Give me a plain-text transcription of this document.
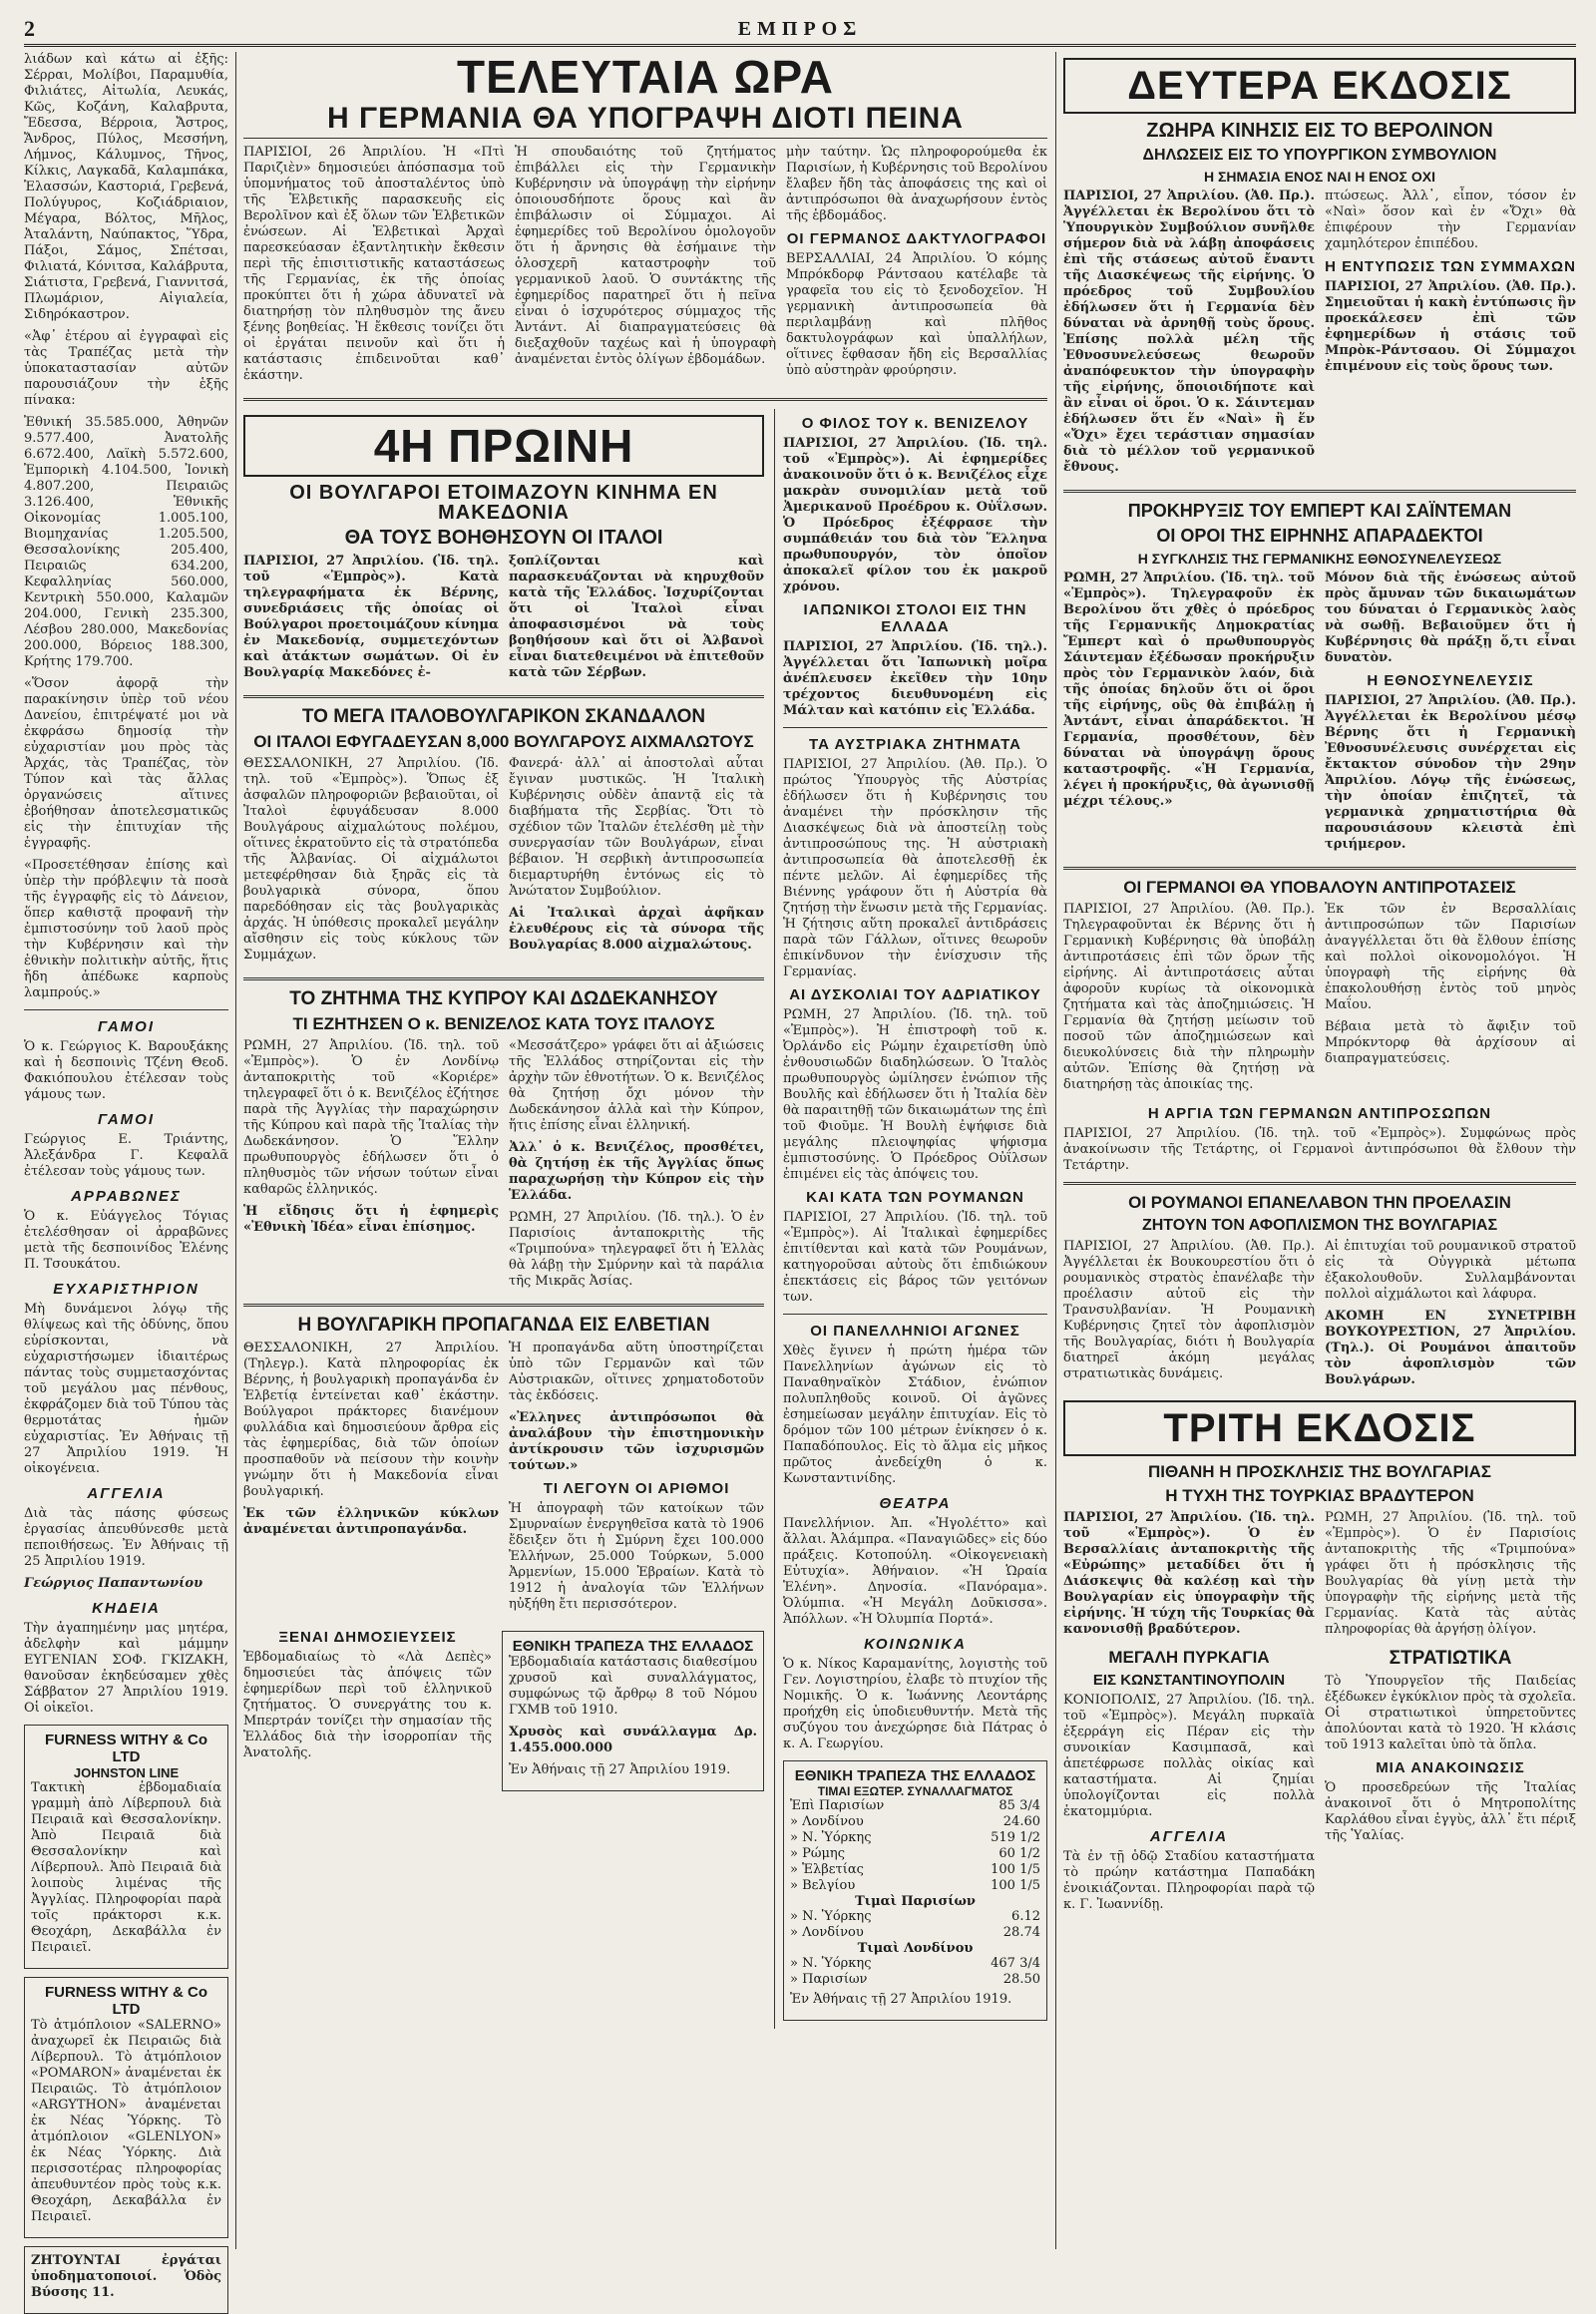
2	ΕΜΠΡΟΣ

λιάδων καὶ κάτω αἱ ἐξῆς: Σέρραι, Μολίβοι, Παραμυθία, Φιλιάτες, Αἰτωλία, Λευκάς, Κῶς, Κοζάνη, Καλαβρυτα, Ἔδεσσα, Βέρροια, Ἄστρος, Ἄνδρος, Πύλος, Μεσσήνη, Λήμνος, Κάλυμνος, Τῆνος, Κίλκις, Λαγκαδᾶ, Καλαμπάκα, Ἐλασσών, Καστοριά, Γρεβενά, Πολύγυρος, Κοζιάδριαιον, Μέγαρα, Βόλτος, Μῆλος, Ἀταλάντη, Ναύπακτος, Ὕδρα, Πάξοι, Σάμος, Σπέτσαι, Φιλιατά, Κόνιτσα, Καλάβρυτα, Σιάτιστα, Γρεβενά, Γιαννιτσά, Πλωμάριον, Αἰγιαλεία, Σιδηρόκαστρον.

«Ἀφ᾽ ἑτέρου αἱ ἐγγραφαὶ εἰς τὰς Τραπέζας μετὰ τὴν ὑποκαταστασίαν αὐτῶν παρουσιάζουν τὴν ἑξῆς πίνακα:

Ἐθνική 35.585.000, Ἀθηνῶν 9.577.400, Ἀνατολῆς 6.672.400, Λαϊκὴ 5.572.600, Ἐμπορικὴ 4.104.500, Ἰονικὴ 4.807.200, Πειραιῶς 3.126.400, Ἐθνικῆς Οἰκονομίας 1.005.100, Βιομηχανίας 1.205.500, Θεσσαλονίκης 205.400, Πειραιῶς 634.200, Κεφαλληνίας 560.000, Κεντρικὴ 550.000, Καλαμῶν 204.000, Γενικὴ 235.300, Λέσβου 280.000, Μακεδονίας 200.000, Βόρειος 188.300, Κρήτης 179.700.

«Ὅσον ἀφορᾷ τὴν παρακίνησιν ὑπὲρ τοῦ νέου Δανείου, ἐπιτρέψατέ μοι νὰ ἐκφράσω δημοσίᾳ τὴν εὐχαριστίαν μου πρὸς τὰς Ἀρχάς, τὰς Τραπέζας, τὸν Τύπον καὶ τὰς ἄλλας ὀργανώσεις αἵτινες ἐβοήθησαν ἀποτελεσματικῶς εἰς τὴν ἐπιτυχίαν τῆς ἐγγραφῆς.

«Προσετέθησαν ἐπίσης καὶ ὑπὲρ τὴν πρόβλεψιν τὰ ποσὰ τῆς ἐγγραφῆς εἰς τὸ Δάνειον, ὅπερ καθιστᾷ προφανῆ τὴν ἐμπιστοσύνην τοῦ λαοῦ πρὸς τὴν Κυβέρνησιν καὶ τὴν ἐθνικὴν πολιτικὴν αὐτῆς, ἥτις ἤδη ἀπέδωκε καρποὺς λαμπρούς.»

ΓΑΜΟΙ

Ὁ κ. Γεώργιος Κ. Βαρουξάκης καὶ ἡ δεσποινὶς Τζένη Θεοδ. Φακιόπουλου ἐτέλεσαν τοὺς γάμους των.

ΓΑΜΟΙ

Γεώργιος Ε. Τριάντης, Ἀλεξάνδρα Γ. Κεφαλᾶ ἐτέλεσαν τοὺς γάμους των.

ΑΡΡΑΒΩΝΕΣ

Ὁ κ. Εὐάγγελος Τόγιας ἐτελέσθησαν οἱ ἀρραβῶνες μετὰ τῆς δεσποινίδος Ἑλένης Π. Τσουκάτου.

ΕΥΧΑΡΙΣΤΗΡΙΟΝ

Μὴ δυνάμενοι λόγῳ τῆς θλίψεως καὶ τῆς ὀδύνης, ὅπου εὑρίσκονται, νὰ εὐχαριστήσωμεν ἰδιαιτέρως πάντας τοὺς συμμετασχόντας τοῦ μεγάλου μας πένθους, ἐκφράζομεν διὰ τοῦ Τύπου τὰς θερμοτάτας ἡμῶν εὐχαριστίας. Ἐν Ἀθήναις τῇ 27 Ἀπριλίου 1919. Ἡ οἰκογένεια.

ΑΓΓΕΛΙΑ

Διὰ τὰς πάσης φύσεως ἐργασίας ἀπευθύνεσθε μετὰ πεποιθήσεως. Ἐν Ἀθήναις τῇ 25 Ἀπριλίου 1919.

Γεώργιος Παπαντωνίου

ΚΗΔΕΙΑ

Τὴν ἀγαπημένην μας μητέρα, ἀδελφὴν καὶ μάμμην ΕΥΓΕΝΙΑΝ ΣΟΦ. ΓΚΙΖΑΚΗ, θανοῦσαν ἐκηδεύσαμεν χθὲς Σάββατον 27 Ἀπριλίου 1919. Οἱ οἰκεῖοι.

FURNESS WITHY & Co LTD
JOHNSTON LINE

Τακτικὴ ἑβδομαδιαία γραμμὴ ἀπὸ Λίβερπουλ διὰ Πειραιᾶ καὶ Θεσσαλονίκην. Ἀπὸ Πειραιᾶ διὰ Θεσσαλονίκην καὶ Λίβερπουλ. Ἀπὸ Πειραιᾶ διὰ λοιποὺς λιμένας τῆς Ἀγγλίας. Πληροφορίαι παρὰ τοῖς πράκτορσι κ.κ. Θεοχάρη, Δεκαβάλλα ἐν Πειραιεῖ.

FURNESS WITHY & Co LTD

Τὸ ἀτμόπλοιον «SALERNO» ἀναχωρεῖ ἐκ Πειραιῶς διὰ Λίβερπουλ. Τὸ ἀτμόπλοιον «POMARON» ἀναμένεται ἐκ Πειραιῶς. Τὸ ἀτμόπλοιον «ARGYTHON» ἀναμένεται ἐκ Νέας Ὑόρκης. Τὸ ἀτμόπλοιον «GLENLYON» ἐκ Νέας Ὑόρκης. Διὰ περισσοτέρας πληροφορίας ἀπευθυντέον πρὸς τοὺς κ.κ. Θεοχάρη, Δεκαβάλλα ἐν Πειραιεῖ.

ΖΗΤΟΥΝΤΑΙ ἐργάται ὑποδηματοποιοί. Ὁδὸς Βύσσης 11.

ΤΕΛΕΥΤΑΙΑ ΩΡΑ
Η ΓΕΡΜΑΝΙΑ ΘΑ ΥΠΟΓΡΑΨΗ ΔΙΟΤΙ ΠΕΙΝΑ

ΠΑΡΙΣΙΟΙ, 26 Ἀπριλίου. Ἡ «Πτὶ Παριζιὲν» δημοσιεύει ἀπόσπασμα τοῦ ὑπομνήματος τοῦ ἀποσταλέντος ὑπὸ τῆς Ἑλβετικῆς παρασκευῆς εἰς Βερολῖνον καὶ ἐξ ὅλων τῶν Ἑλβετικῶν ἐνώσεων. Αἱ Ἑλβετικαὶ Ἀρχαὶ παρεσκεύασαν ἐξαντλητικὴν ἔκθεσιν περὶ τῆς ἐπισιτιστικῆς καταστάσεως τῆς Γερμανίας, ἐκ τῆς ὁποίας προκύπτει ὅτι ἡ χώρα ἀδυνατεῖ νὰ διατηρήσῃ τὸν πληθυσμὸν της ἄνευ ξένης βοηθείας. Ἡ ἔκθεσις τονίζει ὅτι οἱ ἐργάται πεινοῦν καὶ ὅτι ἡ κατάστασις ἐπιδεινοῦται καθ᾽ ἑκάστην.

Ἡ σπουδαιότης τοῦ ζητήματος ἐπιβάλλει εἰς τὴν Γερμανικὴν Κυβέρνησιν νὰ ὑπογράψῃ τὴν εἰρήνην ὁποιουσδήποτε ὅρους καὶ ἂν ἐπιβάλωσιν οἱ Σύμμαχοι. Αἱ ἐφημερίδες τοῦ Βερολίνου ὁμολογοῦν ὅτι ἡ ἄρνησις θὰ ἐσήμαινε τὴν ὁλοσχερῆ καταστροφὴν τοῦ γερμανικοῦ λαοῦ. Ὁ συντάκτης τῆς ἐφημερίδος παρατηρεῖ ὅτι ἡ πεῖνα εἶναι ὁ ἰσχυρότερος σύμμαχος τῆς Ἀντάντ. Αἱ διαπραγματεύσεις θὰ διεξαχθοῦν ταχέως καὶ ἡ ὑπογραφὴ ἀναμένεται ἐντὸς ὀλίγων ἑβδομάδων.

μὴν ταύτην. Ὡς πληροφορούμεθα ἐκ Παρισίων, ἡ Κυβέρνησις τοῦ Βερολίνου ἔλαβεν ἤδη τὰς ἀποφάσεις της καὶ οἱ ἀντιπρόσωποι θὰ ἀναχωρήσουν ἐντὸς τῆς ἑβδομάδος.

ΟΙ ΓΕΡΜΑΝΟΣ ΔΑΚΤΥΛΟΓΡΑΦΟΙ

ΒΕΡΣΑΛΛΙΑΙ, 24 Ἀπριλίου. Ὁ κόμης Μπρόκδορφ Ράντσαου κατέλαβε τὰ γραφεῖα του εἰς τὸ ξενοδοχεῖον. Ἡ γερμανικὴ ἀντιπροσωπεία θὰ περιλαμβάνῃ καὶ πλῆθος δακτυλογράφων καὶ ὑπαλλήλων, οἵτινες ἔφθασαν ἤδη εἰς Βερσαλλίας ὑπὸ αὐστηρὰν φρούρησιν.

4Η ΠΡΩΙΝΗ
ΟΙ ΒΟΥΛΓΑΡΟΙ ΕΤΟΙΜΑΖΟΥΝ ΚΙΝΗΜΑ ΕΝ ΜΑΚΕΔΟΝΙΑ
ΘΑ ΤΟΥΣ ΒΟΗΘΗΣΟΥΝ ΟΙ ΙΤΑΛΟΙ

ΠΑΡΙΣΙΟΙ, 27 Ἀπριλίου. (Ἰδ. τηλ. τοῦ «Ἐμπρὸς»). Κατὰ τηλεγραφήματα ἐκ Βέρνης, συνεδριάσεις τῆς ὁποίας οἱ Βούλγαροι προετοιμάζουν κίνημα ἐν Μακεδονίᾳ, συμμετεχόντων καὶ ἀτάκτων σωμάτων. Οἱ ἐν Βουλγαρίᾳ Μακεδόνες ἐ-

ξοπλίζονται καὶ παρασκευάζονται νὰ κηρυχθοῦν κατὰ τῆς Ἑλλάδος. Ἰσχυρίζονται ὅτι οἱ Ἰταλοὶ εἶναι ἀποφασισμένοι νὰ τοὺς βοηθήσουν καὶ ὅτι οἱ Ἀλβανοὶ εἶναι διατεθειμένοι νὰ ἐπιτεθοῦν κατὰ τῶν Σέρβων.

ΤΟ ΜΕΓΑ ΙΤΑΛΟΒΟΥΛΓΑΡΙΚΟΝ ΣΚΑΝΔΑΛΟΝ
ΟΙ ΙΤΑΛΟΙ ΕΦΥΓΑΔΕΥΣΑΝ 8,000 ΒΟΥΛΓΑΡΟΥΣ ΑΙΧΜΑΛΩΤΟΥΣ

ΘΕΣΣΑΛΟΝΙΚΗ, 27 Ἀπριλίου. (Ἰδ. τηλ. τοῦ «Ἐμπρὸς»). Ὅπως ἐξ ἀσφαλῶν πληροφοριῶν βεβαιοῦται, οἱ Ἰταλοὶ ἐφυγάδευσαν 8.000 Βουλγάρους αἰχμαλώτους πολέμου, οἵτινες ἐκρατοῦντο εἰς τὰ στρατόπεδα τῆς Ἀλβανίας. Οἱ αἰχμάλωτοι μετεφέρθησαν διὰ ξηρᾶς εἰς τὰ βουλγαρικὰ σύνορα, ὅπου παρεδόθησαν εἰς τὰς βουλγαρικὰς ἀρχάς. Ἡ ὑπόθεσις προκαλεῖ μεγάλην αἴσθησιν εἰς τοὺς κύκλους τῶν Συμμάχων.

Φανερά· ἀλλ᾽ αἱ ἀποστολαὶ αὗται ἔγιναν μυστικῶς. Ἡ Ἰταλικὴ Κυβέρνησις οὐδὲν ἀπαντᾷ εἰς τὰ διαβήματα τῆς Σερβίας. Ὅτι τὸ σχέδιον τῶν Ἰταλῶν ἐτελέσθη μὲ τὴν συνεργασίαν τῶν Βουλγάρων, εἶναι βέβαιον. Ἡ σερβικὴ ἀντιπροσωπεία διεμαρτυρήθη ἐντόνως εἰς τὸ Ἀνώτατον Συμβούλιον.

Αἱ Ἰταλικαὶ ἀρχαὶ ἀφῆκαν ἐλευθέρους εἰς τὰ σύνορα τῆς Βουλγαρίας 8.000 αἰχμαλώτους.

ΤΟ ΖΗΤΗΜΑ ΤΗΣ ΚΥΠΡΟΥ ΚΑΙ ΔΩΔΕΚΑΝΗΣΟΥ
ΤΙ ΕΖΗΤΗΣΕΝ Ο κ. ΒΕΝΙΖΕΛΟΣ ΚΑΤΑ ΤΟΥΣ ΙΤΑΛΟΥΣ

ΡΩΜΗ, 27 Ἀπριλίου. (Ἰδ. τηλ. τοῦ «Ἐμπρὸς»). Ὁ ἐν Λονδίνῳ ἀνταποκριτὴς τοῦ «Κοριέρε» τηλεγραφεῖ ὅτι ὁ κ. Βενιζέλος ἐζήτησε παρὰ τῆς Ἀγγλίας τὴν παραχώρησιν τῆς Κύπρου καὶ παρὰ τῆς Ἰταλίας τὴν Δωδεκάνησον. Ὁ Ἕλλην πρωθυπουργὸς ἐδήλωσεν ὅτι ὁ πληθυσμὸς τῶν νήσων τούτων εἶναι καθαρῶς ἑλληνικός.

Ἡ εἴδησις ὅτι ἡ ἐφημερὶς «Ἐθνικὴ Ἰδέα» εἶναι ἐπίσημος.

«Μεσσάτζερο» γράφει ὅτι αἱ ἀξιώσεις τῆς Ἑλλάδος στηρίζονται εἰς τὴν ἀρχὴν τῶν ἐθνοτήτων. Ὁ κ. Βενιζέλος θὰ ζητήσῃ ὄχι μόνον τὴν Δωδεκάνησον ἀλλὰ καὶ τὴν Κύπρον, ἥτις ἐπίσης εἶναι ἑλληνική.

Ἀλλ᾽ ὁ κ. Βενιζέλος, προσθέτει, θὰ ζητήσῃ ἐκ τῆς Ἀγγλίας ὅπως παραχωρήσῃ τὴν Κύπρον εἰς τὴν Ἑλλάδα.

ΡΩΜΗ, 27 Ἀπριλίου. (Ἰδ. τηλ.). Ὁ ἐν Παρισίοις ἀνταποκριτὴς τῆς «Τριμπούνα» τηλεγραφεῖ ὅτι ἡ Ἑλλὰς θὰ λάβῃ τὴν Σμύρνην καὶ τὰ παράλια τῆς Μικρᾶς Ἀσίας.

Η ΒΟΥΛΓΑΡΙΚΗ ΠΡΟΠΑΓΑΝΔΑ ΕΙΣ ΕΛΒΕΤΙΑΝ

ΘΕΣΣΑΛΟΝΙΚΗ, 27 Ἀπριλίου. (Τηλεγρ.). Κατὰ πληροφορίας ἐκ Βέρνης, ἡ βουλγαρικὴ προπαγάνδα ἐν Ἑλβετίᾳ ἐντείνεται καθ᾽ ἑκάστην. Βούλγαροι πράκτορες διανέμουν φυλλάδια καὶ δημοσιεύουν ἄρθρα εἰς τὰς ἐφημερίδας, διὰ τῶν ὁποίων προσπαθοῦν νὰ πείσουν τὴν κοινὴν γνώμην ὅτι ἡ Μακεδονία εἶναι βουλγαρική.

Ἐκ τῶν ἑλληνικῶν κύκλων ἀναμένεται ἀντιπροπαγάνδα.

Ἡ προπαγάνδα αὕτη ὑποστηρίζεται ὑπὸ τῶν Γερμανῶν καὶ τῶν Αὐστριακῶν, οἵτινες χρηματοδοτοῦν τὰς ἐκδόσεις.

«Ἐλληνες ἀντιπρόσωποι θὰ ἀναλάβουν τὴν ἐπιστημονικὴν ἀντίκρουσιν τῶν ἰσχυρισμῶν τούτων.»

ΤΙ ΛΕΓΟΥΝ ΟΙ ΑΡΙΘΜΟΙ

Ἡ ἀπογραφὴ τῶν κατοίκων τῶν Σμυρναίων ἐνεργηθεῖσα κατὰ τὸ 1906 ἔδειξεν ὅτι ἡ Σμύρνη ἔχει 100.000 Ἑλλήνων, 25.000 Τούρκων, 5.000 Ἀρμενίων, 15.000 Ἑβραίων. Κατὰ τὸ 1912 ἡ ἀναλογία τῶν Ἑλλήνων ηὐξήθη ἔτι περισσότερον.

ΞΕΝΑΙ ΔΗΜΟΣΙΕΥΣΕΙΣ

Ἑβδομαδιαίως τὸ «Λὰ Δεπὲς» δημοσιεύει τὰς ἀπόψεις τῶν ἐφημερίδων περὶ τοῦ ἑλληνικοῦ ζητήματος. Ὁ συνεργάτης του κ. Μπερτράν τονίζει τὴν σημασίαν τῆς Ἑλλάδος διὰ τὴν ἰσορροπίαν τῆς Ἀνατολῆς.

ΕΘΝΙΚΗ ΤΡΑΠΕΖΑ ΤΗΣ ΕΛΛΑΔΟΣ

Ἑβδομαδιαία κατάστασις διαθεσίμου χρυσοῦ καὶ συναλλάγματος, συμφώνως τῷ ἄρθρῳ 8 τοῦ Νόμου ΓΧΜΒ τοῦ 1910.

Χρυσὸς καὶ συνάλλαγμα Δρ. 1.455.000.000

Ἐν Ἀθήναις τῇ 27 Ἀπριλίου 1919.

Ο ΦΙΛΟΣ ΤΟΥ κ. ΒΕΝΙΖΕΛΟΥ

ΠΑΡΙΣΙΟΙ, 27 Ἀπριλίου. (Ἰδ. τηλ. τοῦ «Ἐμπρὸς»). Αἱ ἐφημερίδες ἀνακοινοῦν ὅτι ὁ κ. Βενιζέλος εἶχε μακρὰν συνομιλίαν μετὰ τοῦ Ἀμερικανοῦ Προέδρου κ. Οὐΐλσων. Ὁ Πρόεδρος ἐξέφρασε τὴν συμπάθειάν του διὰ τὸν Ἕλληνα πρωθυπουργόν, τὸν ὁποῖον ἀποκαλεῖ φίλον του ἐκ μακροῦ χρόνου.

ΙΑΠΩΝΙΚΟΙ ΣΤΟΛΟΙ ΕΙΣ ΤΗΝ ΕΛΛΑΔΑ

ΠΑΡΙΣΙΟΙ, 27 Ἀπριλίου. (Ἰδ. τηλ.). Ἀγγέλλεται ὅτι Ἰαπωνικὴ μοῖρα ἀνέπλευσεν ἐκεῖθεν τὴν 10ην τρέχοντος διευθυνομένη εἰς Μάλταν καὶ κατόπιν εἰς Ἑλλάδα.

ΤΑ ΑΥΣΤΡΙΑΚΑ ΖΗΤΗΜΑΤΑ

ΠΑΡΙΣΙΟΙ, 27 Ἀπριλίου. (Ἀθ. Πρ.). Ὁ πρώτος Ὑπουργὸς τῆς Αὐστρίας ἐδήλωσεν ὅτι ἡ Κυβέρνησις του ἀναμένει τὴν πρόσκλησιν τῆς Διασκέψεως διὰ νὰ ἀποστείλῃ τοὺς ἀντιπροσώπους της. Ἡ αὐστριακὴ ἀντιπροσωπεία θὰ ἀποτελεσθῇ ἐκ πέντε μελῶν. Αἱ ἐφημερίδες τῆς Βιέννης γράφουν ὅτι ἡ Αὐστρία θὰ ζητήσῃ τὴν ἕνωσιν μετὰ τῆς Γερμανίας. Ἡ ζήτησις αὕτη προκαλεῖ ἀντιδράσεις παρὰ τῶν Γάλλων, οἵτινες θεωροῦν ἐπικίνδυνον τὴν ἐνίσχυσιν τῆς Γερμανίας.

ΑΙ ΔΥΣΚΟΛΙΑΙ ΤΟΥ ΑΔΡΙΑΤΙΚΟΥ

ΡΩΜΗ, 27 Ἀπριλίου. (Ἰδ. τηλ. τοῦ «Ἐμπρὸς»). Ἡ ἐπιστροφὴ τοῦ κ. Ὀρλάνδο εἰς Ρώμην ἐχαιρετίσθη ὑπὸ ἐνθουσιωδῶν διαδηλώσεων. Ὁ Ἰταλὸς πρωθυπουργὸς ὡμίλησεν ἐνώπιον τῆς Βουλῆς καὶ ἐδήλωσεν ὅτι ἡ Ἰταλία δὲν θὰ παραιτηθῇ τῶν δικαιωμάτων της ἐπὶ τοῦ Φιοῦμε. Ἡ Βουλὴ ἐψήφισε διὰ μεγάλης πλειοψηφίας ψήφισμα ἐμπιστοσύνης. Ὁ Πρόεδρος Οὐΐλσων ἐπιμένει εἰς τὰς ἀπόψεις του.

ΚΑΙ ΚΑΤΑ ΤΩΝ ΡΟΥΜΑΝΩΝ

ΠΑΡΙΣΙΟΙ, 27 Ἀπριλίου. (Ἰδ. τηλ. τοῦ «Ἐμπρὸς»). Αἱ Ἰταλικαὶ ἐφημερίδες ἐπιτίθενται καὶ κατὰ τῶν Ρουμάνων, κατηγοροῦσαι αὐτοὺς ὅτι ἐπιδιώκουν ἐπεκτάσεις εἰς βάρος τῶν γειτόνων των.

ΟΙ ΠΑΝΕΛΛΗΝΙΟΙ ΑΓΩΝΕΣ

Χθὲς ἔγινεν ἡ πρώτη ἡμέρα τῶν Πανελληνίων ἀγώνων εἰς τὸ Παναθηναϊκὸν Στάδιον, ἐνώπιον πολυπληθοῦς κοινοῦ. Οἱ ἀγῶνες ἐσημείωσαν μεγάλην ἐπιτυχίαν. Εἰς τὸ δρόμον τῶν 100 μέτρων ἐνίκησεν ὁ κ. Παπαδόπουλος. Εἰς τὸ ἅλμα εἰς μῆκος πρῶτος ἀνεδείχθη ὁ κ. Κωνσταντινίδης.

ΘΕΑΤΡΑ

Πανελλήνιον. Ἀπ. «Ἠγολέττο» καὶ ἄλλαι. Ἀλάμπρα. «Παναγιῶδες» εἰς δύο πράξεις. Κοτοπούλη. «Οἰκογενειακὴ Εὐτυχία». Ἀθήναιον. «Ἡ Ὡραία Ἑλένη». Δηνοσία. «Πανόραμα». Ὀλύμπια. «Ἡ Μεγάλη Δοῦκισσα». Ἀπόλλων. «Ἡ Ὀλυμπία Πορτά».

ΚΟΙΝΩΝΙΚΑ

Ὁ κ. Νίκος Καραμανίτης, λογιστὴς τοῦ Γεν. Λογιστηρίου, ἐλαβε τὸ πτυχίον τῆς Νομικῆς. Ὁ κ. Ἰωάννης Λεοντάρης προήχθη εἰς ὑποδιευθυντήν. Μετὰ τῆς συζύγου του ἀνεχώρησε διὰ Πάτρας ὁ κ. Α. Γεωργίου.

ΕΘΝΙΚΗ ΤΡΑΠΕΖΑ ΤΗΣ ΕΛΛΑΔΟΣ
ΤΙΜΑΙ ΕΞΩΤΕΡ. ΣΥΝΑΛΛΑΓΜΑΤΟΣ
Ἐπὶ Παρισίων	85 3/4
» Λονδίνου	24.60
» Ν. Ὑόρκης	519 1/2
» Ρώμης	60 1/2
» Ἑλβετίας	100 1/5
» Βελγίου	100 1/5
Τιμαὶ Παρισίων
» Ν. Ὑόρκης	6.12
» Λονδίνου	28.74
Τιμαὶ Λονδίνου
» Ν. Ὑόρκης	467 3/4
» Παρισίων	28.50

Ἐν Ἀθήναις τῇ 27 Ἀπριλίου 1919.

ΔΕΥΤΕΡΑ ΕΚΔΟΣΙΣ
ΖΩΗΡΑ ΚΙΝΗΣΙΣ ΕΙΣ ΤΟ ΒΕΡΟΛΙΝΟΝ
ΔΗΛΩΣΕΙΣ ΕΙΣ ΤΟ ΥΠΟΥΡΓΙΚΟΝ ΣΥΜΒΟΥΛΙΟΝ
Η ΣΗΜΑΣΙΑ ΕΝΟΣ ΝΑΙ Η ΕΝΟΣ ΟΧΙ

ΠΑΡΙΣΙΟΙ, 27 Ἀπριλίου. (Ἀθ. Πρ.). Ἀγγέλλεται ἐκ Βερολίνου ὅτι τὸ Ὑπουργικὸν Συμβούλιον συνῆλθε σήμερον διὰ νὰ λάβῃ ἀποφάσεις ἐπὶ τῆς στάσεως αὐτοῦ ἔναντι τῆς Διασκέψεως τῆς εἰρήνης. Ὁ πρόεδρος τοῦ Συμβουλίου ἐδήλωσεν ὅτι ἡ Γερμανία δὲν δύναται νὰ ἀρνηθῇ τοὺς ὅρους. Ἐπίσης πολλὰ μέλη τῆς Ἐθνοσυνελεύσεως θεωροῦν ἀναπόφευκτον τὴν ὑπογραφὴν τῆς εἰρήνης, ὅποιοιδήποτε καὶ ἂν εἶναι οἱ ὅροι. Ὁ κ. Σάιντεμαν ἐδήλωσεν ὅτι ἕν «Ναὶ» ἢ ἕν «Ὄχι» ἔχει τεράστιαν σημασίαν διὰ τὸ μέλλον τοῦ γερμανικοῦ ἔθνους.

πτώσεως. Ἀλλ᾽, εἶπον, τόσον ἐν «Ναὶ» ὅσον καὶ ἐν «Ὄχι» θὰ ἐπιφέρουν τὴν Γερμανίαν χαμηλότερον ἐπιπέδου.

Η ΕΝΤΥΠΩΣΙΣ ΤΩΝ ΣΥΜΜΑΧΩΝ

ΠΑΡΙΣΙΟΙ, 27 Ἀπριλίου. (Ἀθ. Πρ.). Σημειοῦται ἡ κακὴ ἐντύπωσις ἣν προεκάλεσεν ἐπὶ τῶν ἐφημερίδων ἡ στάσις τοῦ Μπρὸκ-Ράντσαου. Οἱ Σύμμαχοι ἐπιμένουν εἰς τοὺς ὅρους των.

ΠΡΟΚΗΡΥΞΙΣ ΤΟΥ ΕΜΠΕΡΤ ΚΑΙ ΣΑΪΝΤΕΜΑΝ
ΟΙ ΟΡΟΙ ΤΗΣ ΕΙΡΗΝΗΣ ΑΠΑΡΑΔΕΚΤΟΙ
Η ΣΥΓΚΛΗΣΙΣ ΤΗΣ ΓΕΡΜΑΝΙΚΗΣ ΕΘΝΟΣΥΝΕΛΕΥΣΕΩΣ

ΡΩΜΗ, 27 Ἀπριλίου. (Ἰδ. τηλ. τοῦ «Ἐμπρὸς»). Τηλεγραφοῦν ἐκ Βερολίνου ὅτι χθὲς ὁ πρόεδρος τῆς Γερμανικῆς Δημοκρατίας Ἔμπερτ καὶ ὁ πρωθυπουργὸς Σάιντεμαν ἐξέδωσαν προκήρυξιν πρὸς τὸν Γερμανικὸν λαόν, διὰ τῆς ὁποίας δηλοῦν ὅτι οἱ ὅροι τῆς εἰρήνης, οὓς θὰ ἐπιβάλῃ ἡ Ἀντάντ, εἶναι ἀπαράδεκτοι. Ἡ Γερμανία, προσθέτουν, δὲν δύναται νὰ ὑπογράψῃ ὅρους καταστροφῆς. «Ἡ Γερμανία, λέγει ἡ προκήρυξις, θὰ ἀγωνισθῇ μέχρι τέλους.»

Μόνον διὰ τῆς ἐνώσεως αὐτοῦ πρὸς ἄμυναν τῶν δικαιωμάτων του δύναται ὁ Γερμανικὸς λαὸς νὰ σωθῇ. Βεβαιοῦμεν ὅτι ἡ Κυβέρνησις θὰ πράξῃ ὅ,τι εἶναι δυνατὸν.

Η ΕΘΝΟΣΥΝΕΛΕΥΣΙΣ

ΠΑΡΙΣΙΟΙ, 27 Ἀπριλίου. (Ἀθ. Πρ.). Ἀγγέλλεται ἐκ Βερολίνου μέσῳ Βέρνης ὅτι ἡ Γερμανικὴ Ἐθνοσυνέλευσις συνέρχεται εἰς ἔκτακτον σύνοδον τὴν 29ην Ἀπριλίου. Λόγῳ τῆς ἐνώσεως, τὴν ὁποίαν ἐπιζητεῖ, τὰ γερμανικὰ χρηματιστήρια θὰ παρουσιάσουν κλειστὰ ἐπὶ τριήμερον.

ΟΙ ΓΕΡΜΑΝΟΙ ΘΑ ΥΠΟΒΑΛΟΥΝ ΑΝΤΙΠΡΟΤΑΣΕΙΣ

ΠΑΡΙΣΙΟΙ, 27 Ἀπριλίου. (Ἀθ. Πρ.). Τηλεγραφοῦνται ἐκ Βέρνης ὅτι ἡ Γερμανικὴ Κυβέρνησις θὰ ὑποβάλῃ ἀντιπροτάσεις ἐπὶ τῶν ὅρων τῆς εἰρήνης. Αἱ ἀντιπροτάσεις αὗται ἀφοροῦν κυρίως τὰ οἰκονομικὰ ζητήματα καὶ τὰς ἀποζημιώσεις. Ἡ Γερμανία θὰ ζητήσῃ μείωσιν τοῦ ποσοῦ τῶν ἀποζημιώσεων καὶ διευκολύνσεις διὰ τὴν πληρωμὴν αὐτῶν. Ἐπίσης θὰ ζητήσῃ νὰ διατηρήσῃ τὰς ἀποικίας της.

Ἐκ τῶν ἐν Βερσαλλίαις ἀντιπροσώπων τῶν Παρισίων ἀναγγέλλεται ὅτι θὰ ἔλθουν ἐπίσης καὶ πολλοὶ οἰκονομολόγοι. Ἡ ὑπογραφὴ τῆς εἰρήνης θὰ ἐπακολουθήσῃ ἐντὸς τοῦ μηνὸς Μαΐου.

Βέβαια μετὰ τὸ ἄφιξιν τοῦ Μπρόκντορφ θὰ ἀρχίσουν αἱ διαπραγματεύσεις.

Η ΑΡΓΙΑ ΤΩΝ ΓΕΡΜΑΝΩΝ ΑΝΤΙΠΡΟΣΩΠΩΝ

ΠΑΡΙΣΙΟΙ, 27 Ἀπριλίου. (Ἰδ. τηλ. τοῦ «Ἐμπρὸς»). Συμφώνως πρὸς ἀνακοίνωσιν τῆς Τετάρτης, οἱ Γερμανοὶ ἀντιπρόσωποι θὰ ἔλθουν τὴν Τετάρτην.

ΟΙ ΡΟΥΜΑΝΟΙ ΕΠΑΝΕΛΑΒΟΝ ΤΗΝ ΠΡΟΕΛΑΣΙΝ
ΖΗΤΟΥΝ ΤΟΝ ΑΦΟΠΛΙΣΜΟΝ ΤΗΣ ΒΟΥΛΓΑΡΙΑΣ

ΠΑΡΙΣΙΟΙ, 27 Ἀπριλίου. (Ἀθ. Πρ.). Ἀγγέλλεται ἐκ Βουκουρεστίου ὅτι ὁ ρουμανικὸς στρατὸς ἐπανέλαβε τὴν προέλασιν αὐτοῦ εἰς τὴν Τρανσυλβανίαν. Ἡ Ρουμανικὴ Κυβέρνησις ζητεῖ τὸν ἀφοπλισμὸν τῆς Βουλγαρίας, διότι ἡ Βουλγαρία διατηρεῖ ἀκόμη μεγάλας στρατιωτικὰς δυνάμεις.

Αἱ ἐπιτυχίαι τοῦ ρουμανικοῦ στρατοῦ εἰς τὰ Οὐγγρικὰ μέτωπα ἐξακολουθοῦν. Συλλαμβάνονται πολλοὶ αἰχμάλωτοι καὶ λάφυρα.

ΑΚΟΜΗ ΕΝ ΣΥΝΕΤΡΙΒΗ ΒΟΥΚΟΥΡΕΣΤΙΟΝ, 27 Ἀπριλίου. (Τηλ.). Οἱ Ρουμάνοι ἀπαιτοῦν τὸν ἀφοπλισμὸν τῶν Βουλγάρων.

ΤΡΙΤΗ ΕΚΔΟΣΙΣ
ΠΙΘΑΝΗ Η ΠΡΟΣΚΛΗΣΙΣ ΤΗΣ ΒΟΥΛΓΑΡΙΑΣ
Η ΤΥΧΗ ΤΗΣ ΤΟΥΡΚΙΑΣ ΒΡΑΔΥΤΕΡΟΝ

ΠΑΡΙΣΙΟΙ, 27 Ἀπριλίου. (Ἰδ. τηλ. τοῦ «Ἐμπρὸς»). Ὁ ἐν Βερσαλλίαις ἀνταποκριτὴς τῆς «Εὐρώπης» μεταδίδει ὅτι ἡ Διάσκεψις θὰ καλέσῃ καὶ τὴν Βουλγαρίαν εἰς ὑπογραφὴν τῆς εἰρήνης. Ἡ τύχη τῆς Τουρκίας θὰ κανονισθῇ βραδύτερον.

ΡΩΜΗ, 27 Ἀπριλίου. (Ἰδ. τηλ. τοῦ «Ἐμπρὸς»). Ὁ ἐν Παρισίοις ἀνταποκριτὴς τῆς «Τριμπούνα» γράφει ὅτι ἡ πρόσκλησις τῆς Βουλγαρίας θὰ γίνῃ μετὰ τὴν ὑπογραφὴν τῆς εἰρήνης μετὰ τῆς Γερμανίας. Κατὰ τὰς αὐτὰς πληροφορίας θὰ ἀργήσῃ ὀλίγον.

ΜΕΓΑΛΗ ΠΥΡΚΑΓΙΑ
ΕΙΣ ΚΩΝΣΤΑΝΤΙΝΟΥΠΟΛΙΝ

ΚΟΝΙΟΠΟΛΙΣ, 27 Ἀπριλίου. (Ἰδ. τηλ. τοῦ «Ἐμπρὸς»). Μεγάλη πυρκαϊὰ ἐξερράγη εἰς Πέραν εἰς τὴν συνοικίαν Κασιμπασᾶ, καὶ ἀπετέφρωσε πολλὰς οἰκίας καὶ καταστήματα. Αἱ ζημίαι ὑπολογίζονται εἰς πολλὰ ἑκατομμύρια.

ΑΓΓΕΛΙΑ

Τὰ ἐν τῇ ὁδῷ Σταδίου καταστήματα τὸ πρώην κατάστημα Παπαδάκη ἐνοικιάζονται. Πληροφορίαι παρὰ τῷ κ. Γ. Ἰωαννίδῃ.

ΣΤΡΑΤΙΩΤΙΚΑ

Τὸ Ὑπουργεῖον τῆς Παιδείας ἐξέδωκεν ἐγκύκλιον πρὸς τὰ σχολεῖα. Οἱ στρατιωτικοὶ ὑπηρετοῦντες ἀπολύονται κατὰ τὸ 1920. Ἡ κλάσις τοῦ 1913 καλεῖται ὑπὸ τὰ ὅπλα.

ΜΙΑ ΑΝΑΚΟΙΝΩΣΙΣ

Ὁ προσεδρεύων τῆς Ἰταλίας ἀνακοινοῖ ὅτι ὁ Μητροπολίτης Καρλάθου εἶναι ἐγγὺς, ἀλλ᾽ ἔτι πέριξ τῆς Ὑαλίας.
